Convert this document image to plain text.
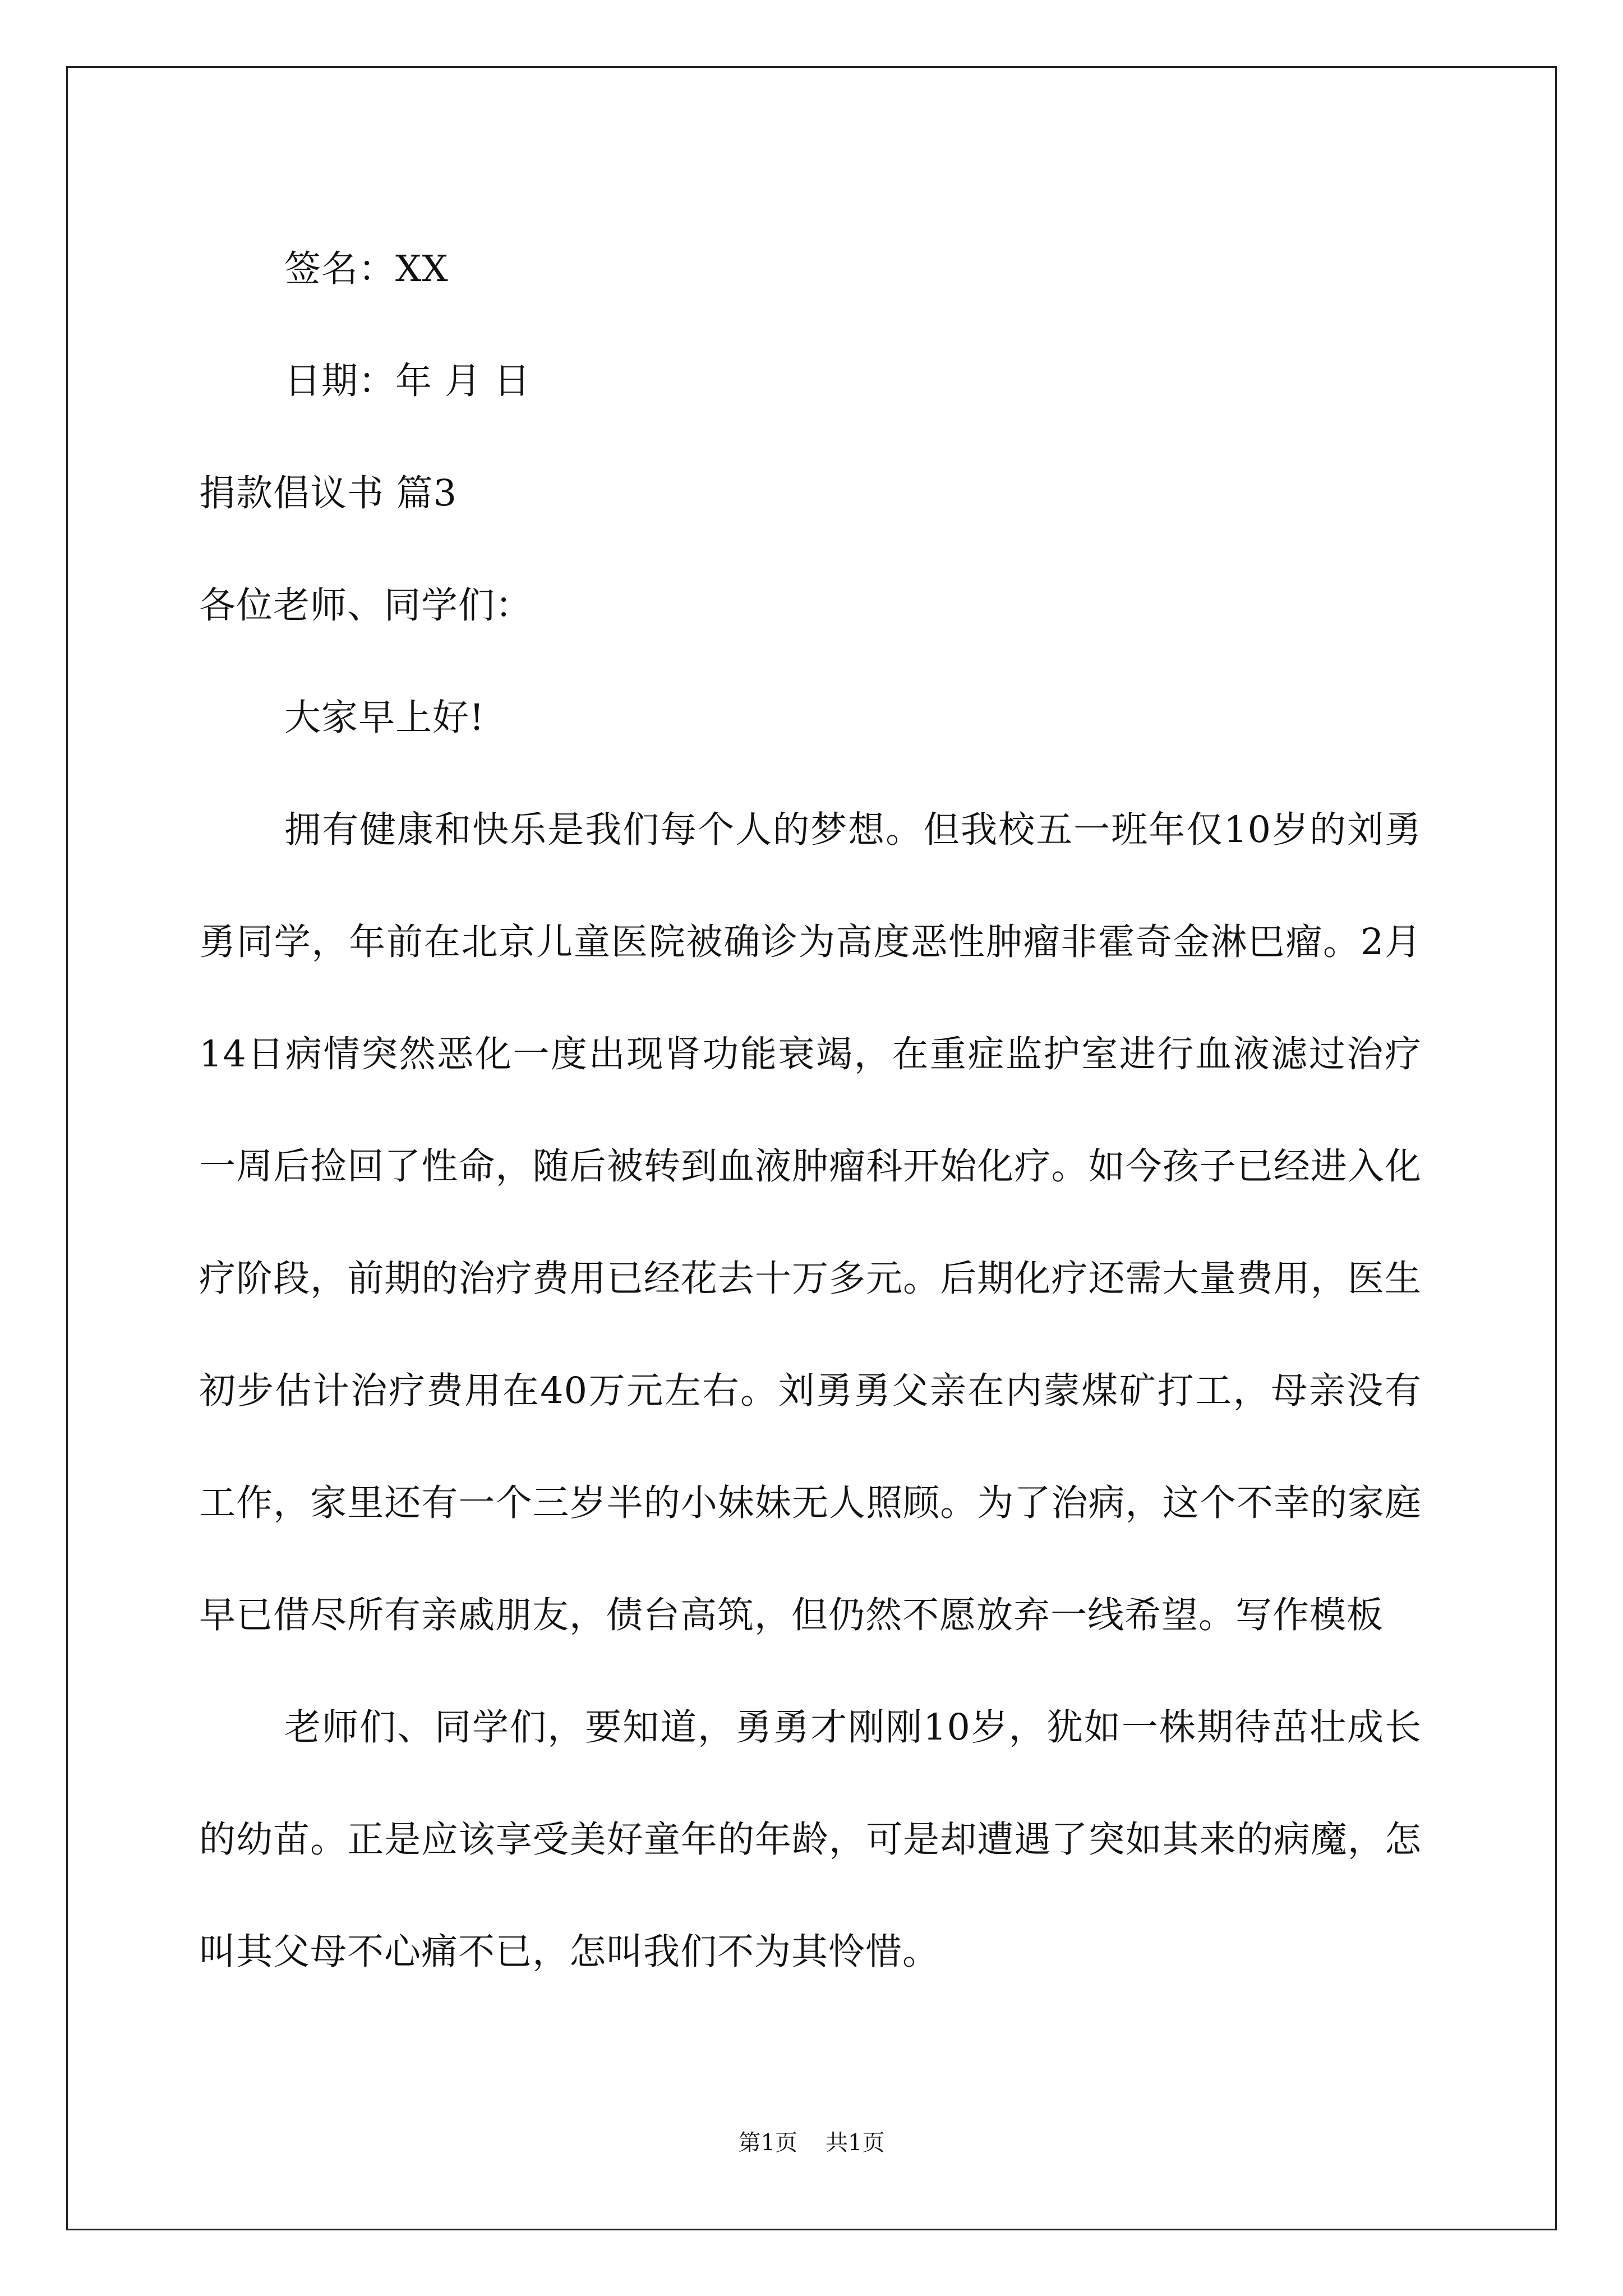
签名：XX
日期：年 月 日
捐款倡议书 篇3
各位老师、同学们：
大家早上好!

拥有健康和快乐是我们每个人的梦想。但我校五一班年仅10岁的刘勇勇同学，年前在北京儿童医院被确诊为高度恶性肿瘤非霍奇金淋巴瘤。2月14日病情突然恶化一度出现肾功能衰竭，在重症监护室进行血液滤过治疗一周后捡回了性命，随后被转到血液肿瘤科开始化疗。如今孩子已经进入化疗阶段，前期的治疗费用已经花去十万多元。后期化疗还需大量费用，医生初步估计治疗费用在40万元左右。刘勇勇父亲在内蒙煤矿打工，母亲没有工作，家里还有一个三岁半的小妹妹无人照顾。为了治病，这个不幸的家庭早已借尽所有亲戚朋友，债台高筑，但仍然不愿放弃一线希望。写作模板

老师们、同学们，要知道，勇勇才刚刚10岁，犹如一株期待茁壮成长的幼苗。正是应该享受美好童年的年龄，可是却遭遇了突如其来的病魔，怎叫其父母不心痛不已，怎叫我们不为其怜惜。

第1页 共1页
